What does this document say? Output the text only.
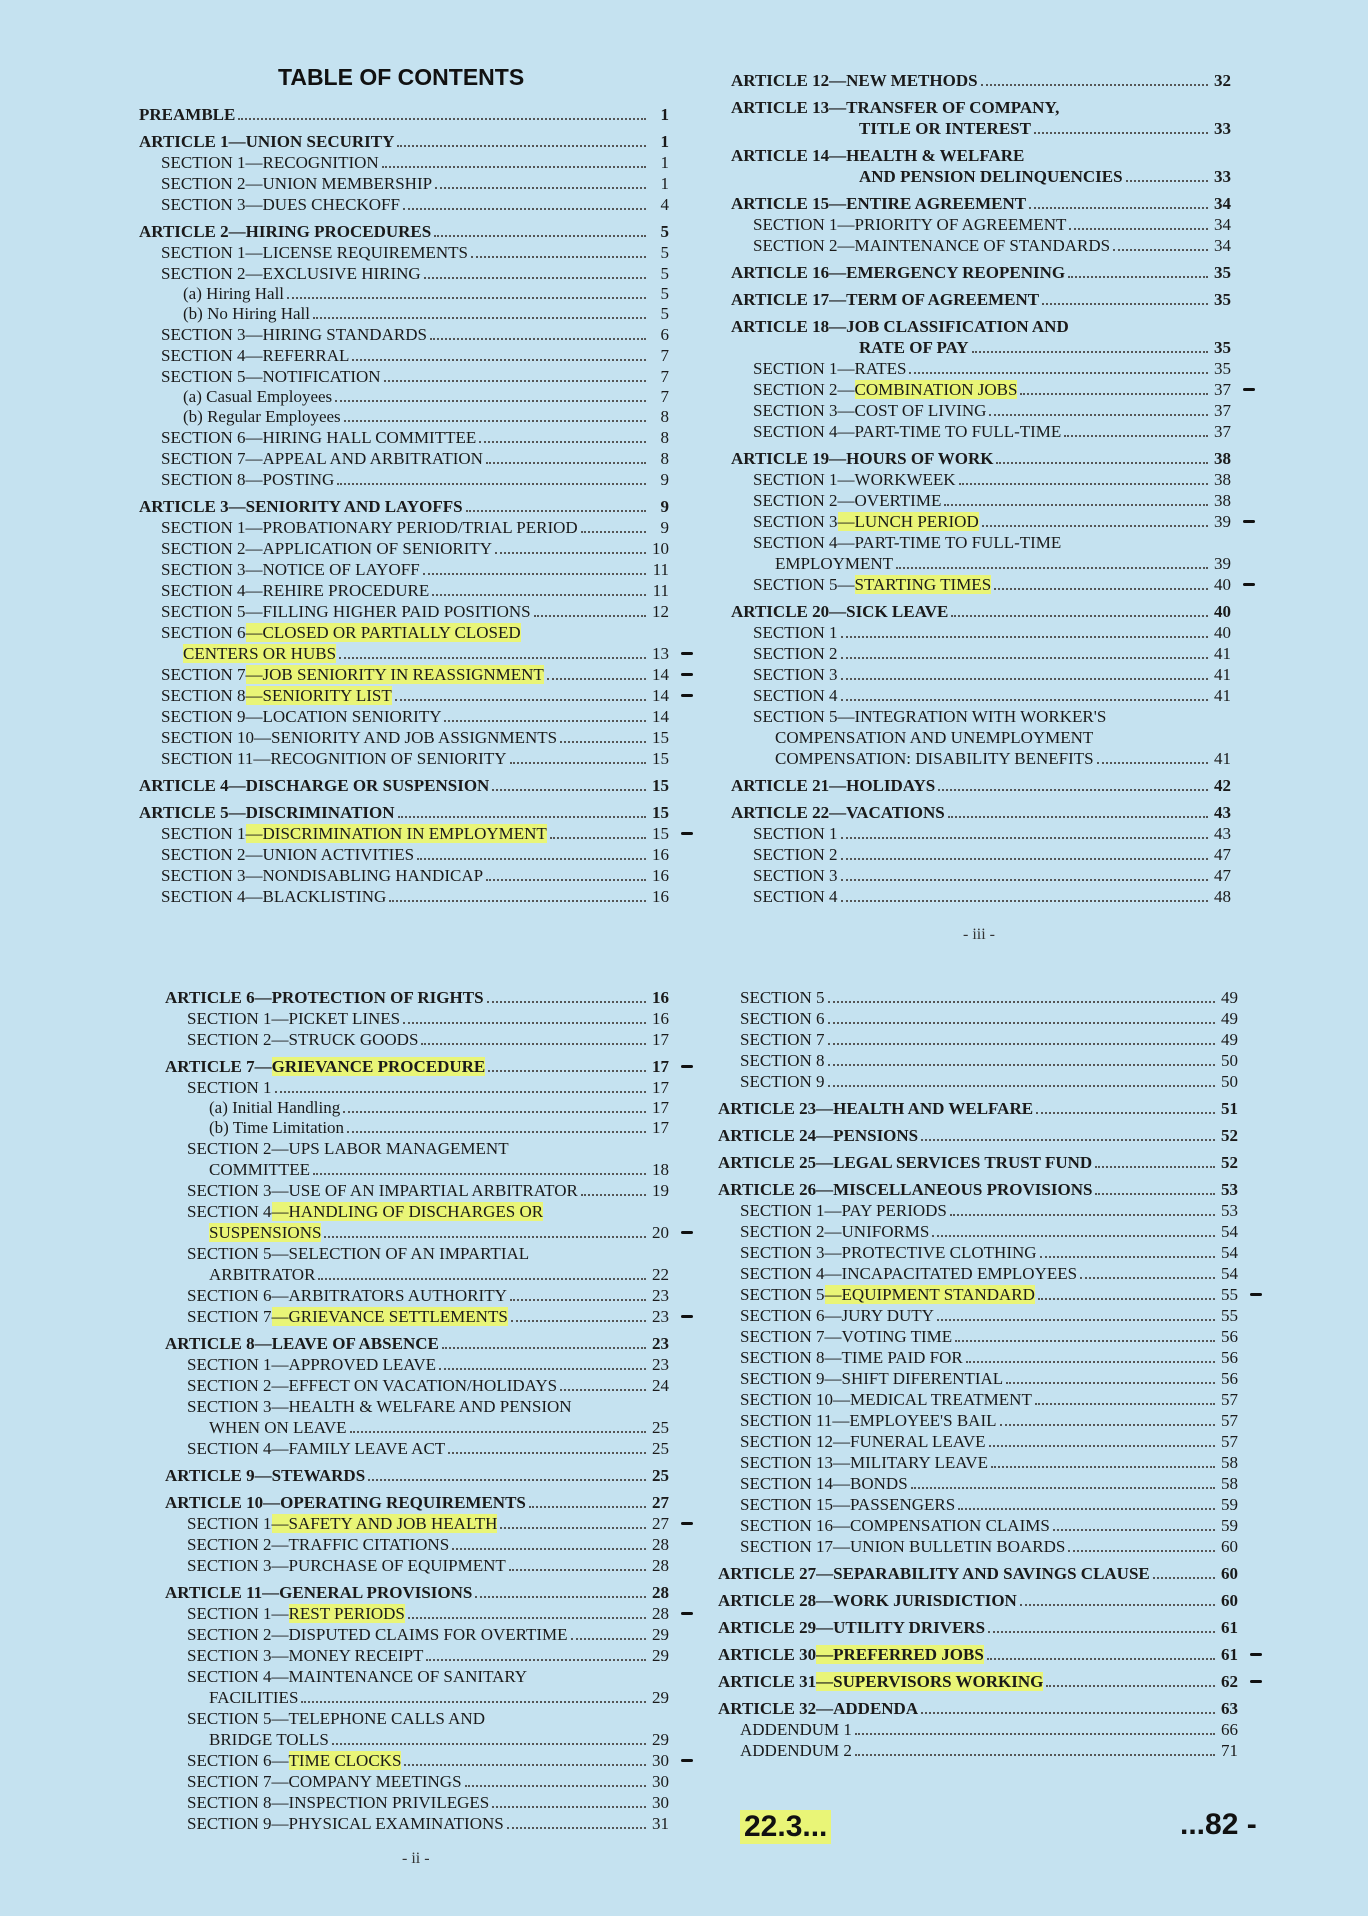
TABLE OF CONTENTS
PREAMBLE	1
ARTICLE 1—UNION SECURITY	1
SECTION 1—RECOGNITION	1
SECTION 2—UNION MEMBERSHIP	1
SECTION 3—DUES CHECKOFF	4
ARTICLE 2—HIRING PROCEDURES	5
SECTION 1—LICENSE REQUIREMENTS	5
SECTION 2—EXCLUSIVE HIRING	5
(a) Hiring Hall	5
(b) No Hiring Hall	5
SECTION 3—HIRING STANDARDS	6
SECTION 4—REFERRAL	7
SECTION 5—NOTIFICATION	7
(a) Casual Employees	7
(b) Regular Employees	8
SECTION 6—HIRING HALL COMMITTEE	8
SECTION 7—APPEAL AND ARBITRATION	8
SECTION 8—POSTING	9
ARTICLE 3—SENIORITY AND LAYOFFS	9
SECTION 1—PROBATIONARY PERIOD/TRIAL PERIOD	9
SECTION 2—APPLICATION OF SENIORITY	10
SECTION 3—NOTICE OF LAYOFF	11
SECTION 4—REHIRE PROCEDURE	11
SECTION 5—FILLING HIGHER PAID POSITIONS	12
SECTION 6—CLOSED OR PARTIALLY CLOSED
CENTERS OR HUBS	13
SECTION 7—JOB SENIORITY IN REASSIGNMENT	14
SECTION 8—SENIORITY LIST	14
SECTION 9—LOCATION SENIORITY	14
SECTION 10—SENIORITY AND JOB ASSIGNMENTS	15
SECTION 11—RECOGNITION OF SENIORITY	15
ARTICLE 4—DISCHARGE OR SUSPENSION	15
ARTICLE 5—DISCRIMINATION	15
SECTION 1—DISCRIMINATION IN EMPLOYMENT	15
SECTION 2—UNION ACTIVITIES	16
SECTION 3—NONDISABLING HANDICAP	16
SECTION 4—BLACKLISTING	16
ARTICLE 12—NEW METHODS	32
ARTICLE 13—TRANSFER OF COMPANY,
TITLE OR INTEREST	33
ARTICLE 14—HEALTH & WELFARE
AND PENSION DELINQUENCIES	33
ARTICLE 15—ENTIRE AGREEMENT	34
SECTION 1—PRIORITY OF AGREEMENT	34
SECTION 2—MAINTENANCE OF STANDARDS	34
ARTICLE 16—EMERGENCY REOPENING	35
ARTICLE 17—TERM OF AGREEMENT	35
ARTICLE 18—JOB CLASSIFICATION AND
RATE OF PAY	35
SECTION 1—RATES	35
SECTION 2—COMBINATION JOBS	37
SECTION 3—COST OF LIVING	37
SECTION 4—PART-TIME TO FULL-TIME	37
ARTICLE 19—HOURS OF WORK	38
SECTION 1—WORKWEEK	38
SECTION 2—OVERTIME	38
SECTION 3—LUNCH PERIOD	39
SECTION 4—PART-TIME TO FULL-TIME
EMPLOYMENT	39
SECTION 5—STARTING TIMES	40
ARTICLE 20—SICK LEAVE	40
SECTION 1	40
SECTION 2	41
SECTION 3	41
SECTION 4	41
SECTION 5—INTEGRATION WITH WORKER'S
COMPENSATION AND UNEMPLOYMENT
COMPENSATION: DISABILITY BENEFITS	41
ARTICLE 21—HOLIDAYS	42
ARTICLE 22—VACATIONS	43
SECTION 1	43
SECTION 2	47
SECTION 3	47
SECTION 4	48
ARTICLE 6—PROTECTION OF RIGHTS	16
SECTION 1—PICKET LINES	16
SECTION 2—STRUCK GOODS	17
ARTICLE 7—GRIEVANCE PROCEDURE	17
SECTION 1	17
(a) Initial Handling	17
(b) Time Limitation	17
SECTION 2—UPS LABOR MANAGEMENT
COMMITTEE	18
SECTION 3—USE OF AN IMPARTIAL ARBITRATOR	19
SECTION 4—HANDLING OF DISCHARGES OR
SUSPENSIONS	20
SECTION 5—SELECTION OF AN IMPARTIAL
ARBITRATOR	22
SECTION 6—ARBITRATORS AUTHORITY	23
SECTION 7—GRIEVANCE SETTLEMENTS	23
ARTICLE 8—LEAVE OF ABSENCE	23
SECTION 1—APPROVED LEAVE	23
SECTION 2—EFFECT ON VACATION/HOLIDAYS	24
SECTION 3—HEALTH & WELFARE AND PENSION
WHEN ON LEAVE	25
SECTION 4—FAMILY LEAVE ACT	25
ARTICLE 9—STEWARDS	25
ARTICLE 10—OPERATING REQUIREMENTS	27
SECTION 1—SAFETY AND JOB HEALTH	27
SECTION 2—TRAFFIC CITATIONS	28
SECTION 3—PURCHASE OF EQUIPMENT	28
ARTICLE 11—GENERAL PROVISIONS	28
SECTION 1—REST PERIODS	28
SECTION 2—DISPUTED CLAIMS FOR OVERTIME	29
SECTION 3—MONEY RECEIPT	29
SECTION 4—MAINTENANCE OF SANITARY
FACILITIES	29
SECTION 5—TELEPHONE CALLS AND
BRIDGE TOLLS	29
SECTION 6—TIME CLOCKS	30
SECTION 7—COMPANY MEETINGS	30
SECTION 8—INSPECTION PRIVILEGES	30
SECTION 9—PHYSICAL EXAMINATIONS	31
SECTION 5	49
SECTION 6	49
SECTION 7	49
SECTION 8	50
SECTION 9	50
ARTICLE 23—HEALTH AND WELFARE	51
ARTICLE 24—PENSIONS	52
ARTICLE 25—LEGAL SERVICES TRUST FUND	52
ARTICLE 26—MISCELLANEOUS PROVISIONS	53
SECTION 1—PAY PERIODS	53
SECTION 2—UNIFORMS	54
SECTION 3—PROTECTIVE CLOTHING	54
SECTION 4—INCAPACITATED EMPLOYEES	54
SECTION 5—EQUIPMENT STANDARD	55
SECTION 6—JURY DUTY	55
SECTION 7—VOTING TIME	56
SECTION 8—TIME PAID FOR	56
SECTION 9—SHIFT DIFERENTIAL	56
SECTION 10—MEDICAL TREATMENT	57
SECTION 11—EMPLOYEE'S BAIL	57
SECTION 12—FUNERAL LEAVE	57
SECTION 13—MILITARY LEAVE	58
SECTION 14—BONDS	58
SECTION 15—PASSENGERS	59
SECTION 16—COMPENSATION CLAIMS	59
SECTION 17—UNION BULLETIN BOARDS	60
ARTICLE 27—SEPARABILITY AND SAVINGS CLAUSE	60
ARTICLE 28—WORK JURISDICTION	60
ARTICLE 29—UTILITY DRIVERS	61
ARTICLE 30—PREFERRED JOBS	61
ARTICLE 31—SUPERVISORS WORKING	62
ARTICLE 32—ADDENDA	63
ADDENDUM 1	66
ADDENDUM 2	71
- iii -
- ii -
22.3...	...82 -
